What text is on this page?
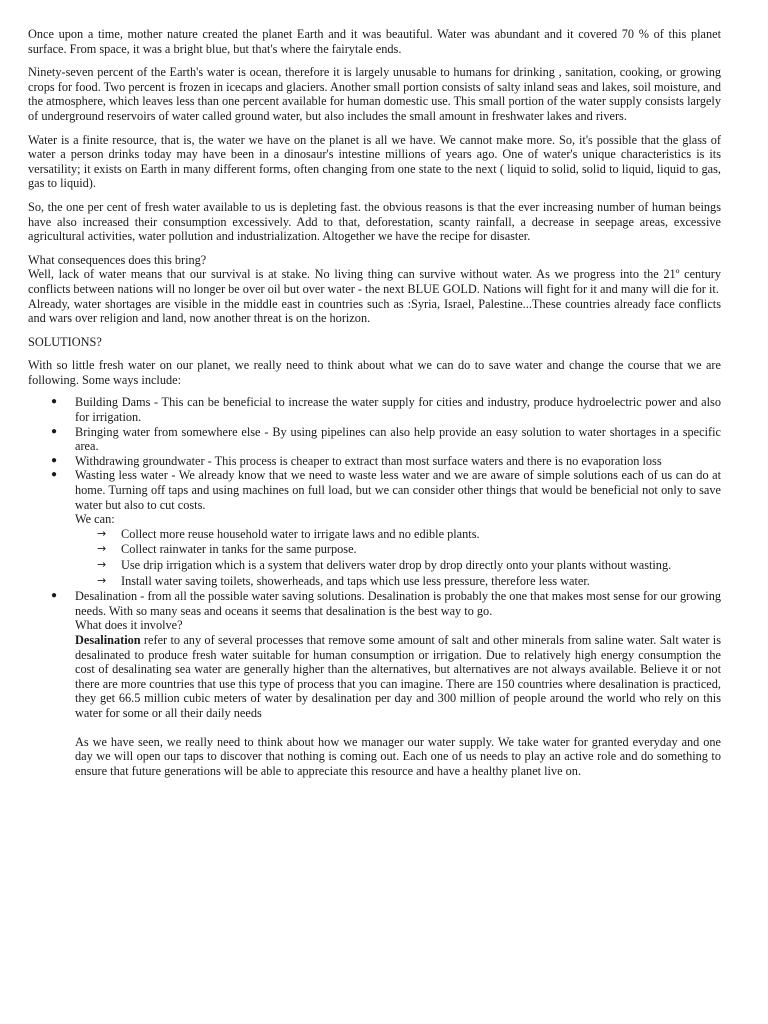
Once upon a time, mother nature created the planet Earth and it was beautiful. Water was abundant and it covered 70 % of this planet surface. From space, it was a bright blue, but that's where the fairytale ends.

Ninety-seven percent of the Earth's water is ocean, therefore it is largely unusable to humans for drinking , sanitation, cooking, or growing crops for food. Two percent is frozen in icecaps and glaciers. Another small portion consists of salty inland seas and lakes, soil moisture, and the atmosphere, which leaves less than one percent available for human domestic use. This small portion of the water supply consists largely of underground reservoirs of water called ground water, but also includes the small amount in freshwater lakes and rivers.

Water is a finite resource, that is, the water we have on the planet is all we have. We cannot make more. So, it's possible that the glass of water a person drinks today may have been in a dinosaur's intestine millions of years ago. One of water's unique characteristics is its versatility; it exists on Earth in many different forms, often changing from one state to the next ( liquid to solid, solid to liquid, liquid to gas, gas to liquid).

So, the one per cent of fresh water available to us is depleting fast. the obvious reasons is that the ever increasing number of human beings have also increased their consumption excessively. Add to that, deforestation, scanty rainfall, a decrease in seepage areas, excessive agricultural activities, water pollution and industrialization. Altogether we have the recipe for disaster.

What consequences does this bring?

Well, lack of water means that our survival is at stake. No living thing can survive without water. As we progress into the 21º century conflicts between nations will no longer be over oil but over water - the next BLUE GOLD. Nations will fight for it and many will die for it.

Already, water shortages are visible in the middle east in countries such as :Syria, Israel, Palestine...These countries already face conflicts and wars over religion and land, now another threat is on the horizon.

SOLUTIONS?

With so little fresh water on our planet, we really need to think about what we can do to save water and change the course that we are following. Some ways include:

● Building Dams - This can be beneficial to increase the water supply for cities and industry, produce hydroelectric power and also for irrigation.
● Bringing water from somewhere else - By using pipelines can also help provide an easy solution to water shortages in a specific area.
● Withdrawing groundwater - This process is cheaper to extract than most surface waters and there is no evaporation loss
● Wasting less water - We already know that we need to waste less water and we are aware of simple solutions each of us can do at home. Turning off taps and using machines on full load, but we can consider other things that would be beneficial not only to save water but also to cut costs.
We can:
→ Collect more reuse household water to irrigate laws and no edible plants.
→ Collect rainwater in tanks for the same purpose.
→ Use drip irrigation which is a system that delivers water drop by drop directly onto your plants without wasting.
→ Install water saving toilets, showerheads, and taps which use less pressure, therefore less water.
● Desalination - from all the possible water saving solutions. Desalination is probably the one that makes most sense for our growing needs. With so many seas and oceans it seems that desalination is the best way to go.
What does it involve?
Desalination refer to any of several processes that remove some amount of salt and other minerals from saline water. Salt water is desalinated to produce fresh water suitable for human consumption or irrigation. Due to relatively high energy consumption the cost of desalinating sea water are generally higher than the alternatives, but alternatives are not always available. Believe it or not there are more countries that use this type of process that you can imagine. There are 150 countries where desalination is practiced, they get 66.5 million cubic meters of water by desalination per day and 300 million of people around the world who rely on this water for some or all their daily needs
As we have seen, we really need to think about how we manager our water supply. We take water for granted everyday and one day we will open our taps to discover that nothing is coming out. Each one of us needs to play an active role and do something to ensure that future generations will be able to appreciate this resource and have a healthy planet live on.
